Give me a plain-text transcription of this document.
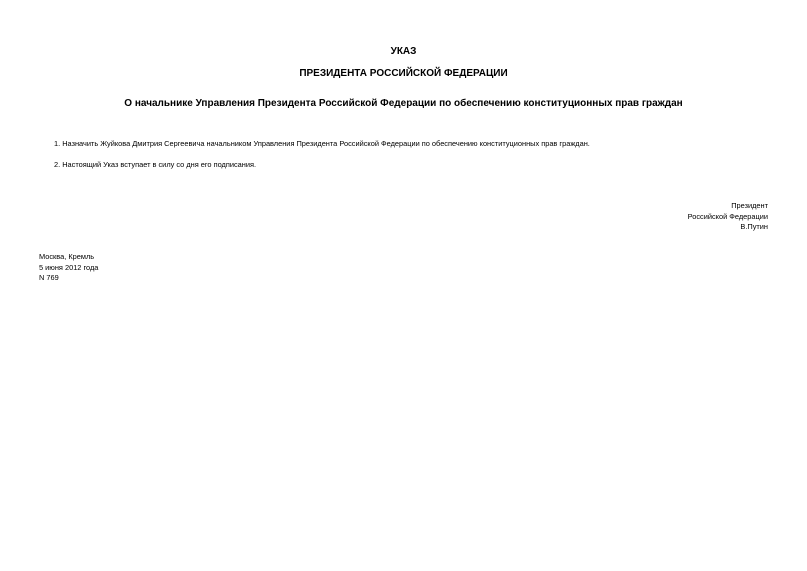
УКАЗ
ПРЕЗИДЕНТА РОССИЙСКОЙ ФЕДЕРАЦИИ
О начальнике Управления Президента Российской Федерации по обеспечению конституционных прав граждан
1. Назначить Жуйкова Дмитрия Сергеевича начальником Управления Президента Российской Федерации по обеспечению конституционных прав граждан.
2. Настоящий Указ вступает в силу со дня его подписания.
Президент
Российской Федерации
В.Путин
Москва, Кремль
5 июня 2012 года
N 769
